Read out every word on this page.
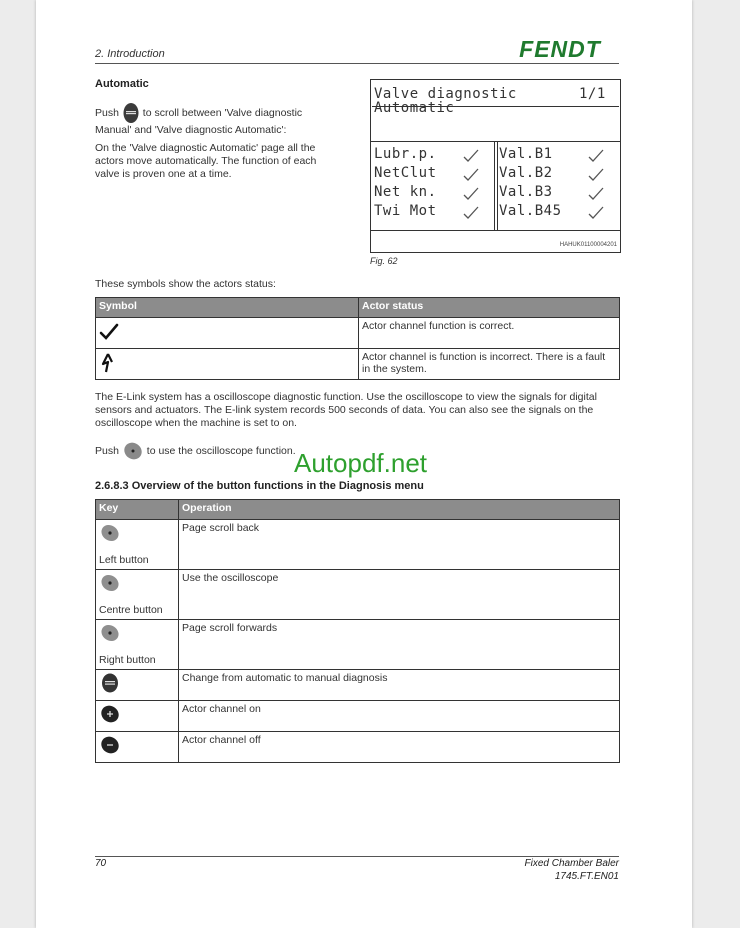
2. Introduction	FENDT
Automatic
Push to scroll between 'Valve diagnostic Manual' and 'Valve diagnostic Automatic':
On the 'Valve diagnostic Automatic' page all the actors move automatically. The function of each valve is proven one at a time.
Valve diagnostic	1/1
Automatic
Lubr.p.
NetClut
Net kn.
Twi Mot
Val.B1
Val.B2
Val.B3
Val.B45
HAHUK01100004201
Fig. 62
These symbols show the actors status:
Symbol	Actor status
	Actor channel function is correct.
	Actor channel is function is incorrect. There is a fault in the system.
The E-Link system has a oscilloscope diagnostic function. Use the oscilloscope to view the signals for digital sensors and actuators. The E-link system records 500 seconds of data. You can also see the signals on the oscilloscope when the machine is set to on.
Push	to use the oscilloscope function.
Autopdf.net
2.6.8.3 Overview of the button functions in the Diagnosis menu
Key	Operation

Left button	Page scroll back

Centre button	Use the oscilloscope

Right button	Page scroll forwards
	Change from automatic to manual diagnosis
	Actor channel on
	Actor channel off
70	Fixed Chamber Baler
1745.FT.EN01
